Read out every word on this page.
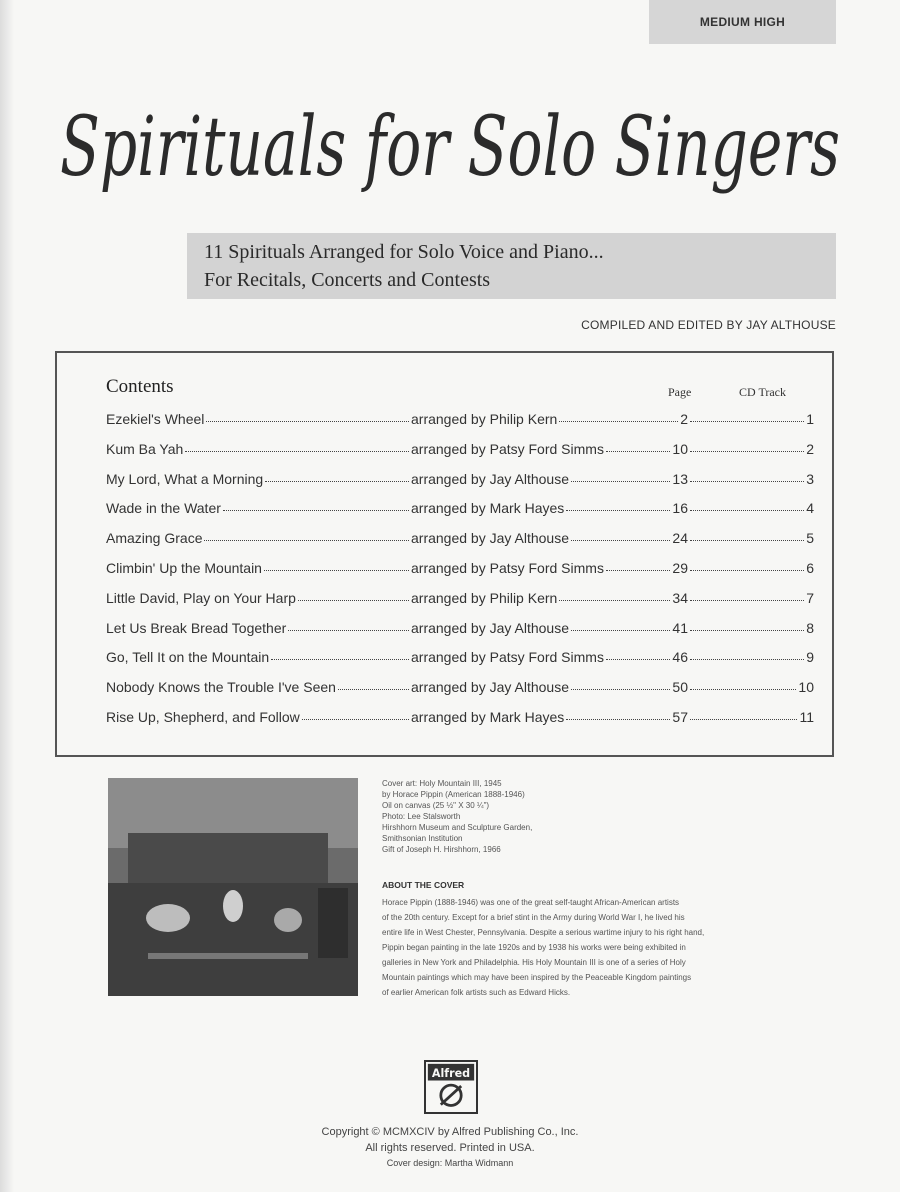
MEDIUM HIGH
Spirituals for Solo Singers
11 Spirituals Arranged for Solo Voice and Piano...
For Recitals, Concerts and Contests
COMPILED AND EDITED BY JAY ALTHOUSE
Contents	Page	CD Track
Ezekiel's Wheel	arranged by Philip Kern	2	1
Kum Ba Yah	arranged by Patsy Ford Simms	10	2
My Lord, What a Morning	arranged by Jay Althouse	13	3
Wade in the Water	arranged by Mark Hayes	16	4
Amazing Grace	arranged by Jay Althouse	24	5
Climbin' Up the Mountain	arranged by Patsy Ford Simms	29	6
Little David, Play on Your Harp	arranged by Philip Kern	34	7
Let Us Break Bread Together	arranged by Jay Althouse	41	8
Go, Tell It on the Mountain	arranged by Patsy Ford Simms	46	9
Nobody Knows the Trouble I've Seen	arranged by Jay Althouse	50	10
Rise Up, Shepherd, and Follow	arranged by Mark Hayes	57	11
Cover art: Holy Mountain III, 1945
by Horace Pippin (American 1888-1946)
Oil on canvas (25 ½" X 30 ¼")
Photo: Lee Stalsworth
Hirshhorn Museum and Sculpture Garden,
Smithsonian Institution
Gift of Joseph H. Hirshhorn, 1966
ABOUT THE COVER
Horace Pippin (1888-1946) was one of the great self-taught African-American artists
of the 20th century. Except for a brief stint in the Army during World War I, he lived his
entire life in West Chester, Pennsylvania. Despite a serious wartime injury to his right hand,
Pippin began painting in the late 1920s and by 1938 his works were being exhibited in
galleries in New York and Philadelphia. His Holy Mountain III is one of a series of Holy
Mountain paintings which may have been inspired by the Peaceable Kingdom paintings
of earlier American folk artists such as Edward Hicks.
Alfred
Copyright © MCMXCIV by Alfred Publishing Co., Inc.
All rights reserved. Printed in USA.
Cover design: Martha Widmann
